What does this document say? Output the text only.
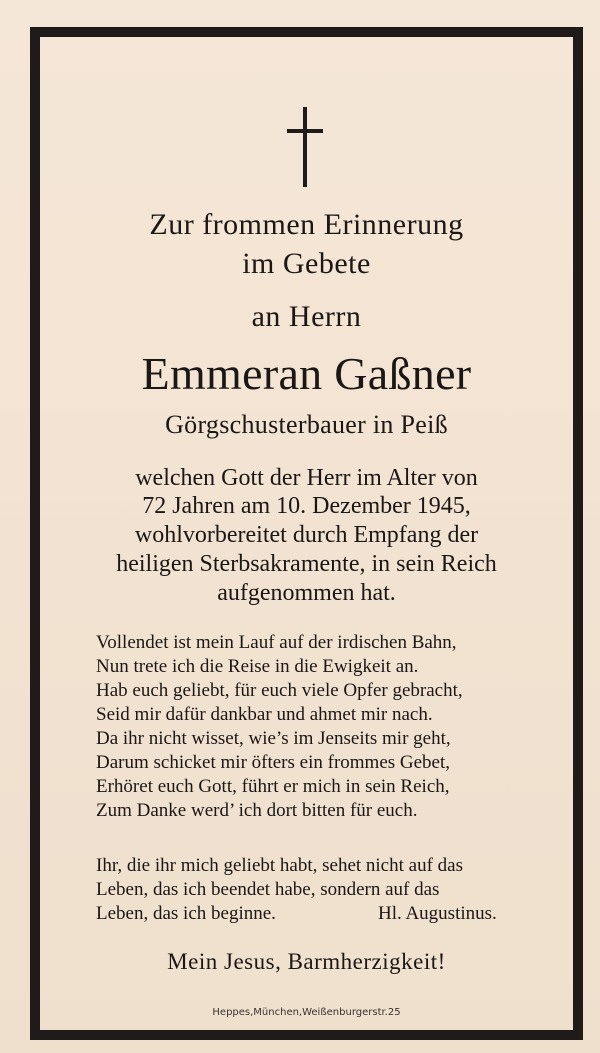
Zur frommen Erinnerung
im Gebete
an Herrn
Emmeran Gaßner
Görgschusterbauer in Peiß
welchen Gott der Herr im Alter von
72 Jahren am 10. Dezember 1945,
wohlvorbereitet durch Empfang der
heiligen Sterbsakramente, in sein Reich
aufgenommen hat.
Vollendet ist mein Lauf auf der irdischen Bahn,
Nun trete ich die Reise in die Ewigkeit an.
Hab euch geliebt, für euch viele Opfer gebracht,
Seid mir dafür dankbar und ahmet mir nach.
Da ihr nicht wisset, wie’s im Jenseits mir geht,
Darum schicket mir öfters ein frommes Gebet,
Erhöret euch Gott, führt er mich in sein Reich,
Zum Danke werd’ ich dort bitten für euch.
Ihr, die ihr mich geliebt habt, sehet nicht auf das
Leben, das ich beendet habe, sondern auf das
Leben, das ich beginne.	Hl. Augustinus.
Mein Jesus, Barmherzigkeit!
Heppes,München,Weißenburgerstr.25
